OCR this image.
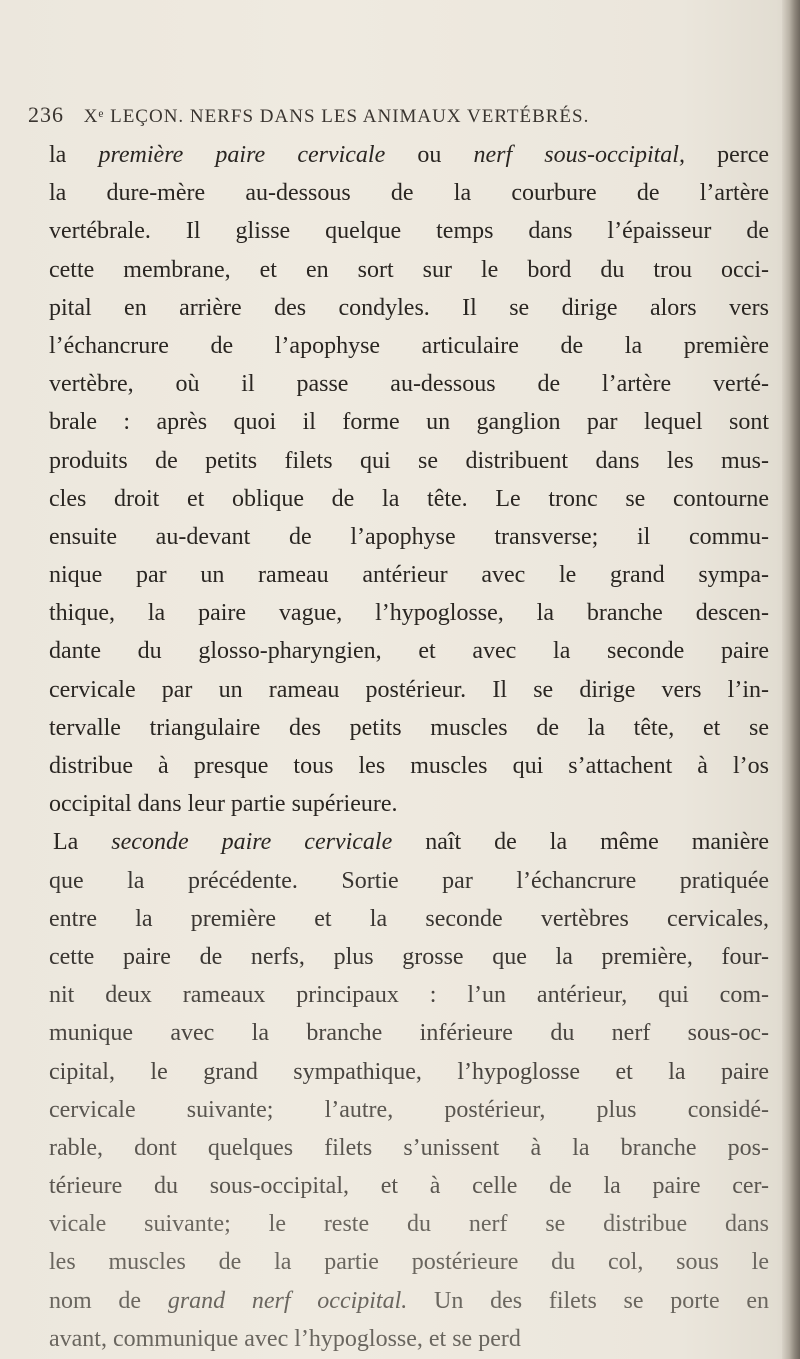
236 Xᵉ LEÇON. NERFS DANS LES ANIMAUX VERTÉBRÉS.
la première paire cervicale ou nerf sous-occipital, perce
la dure-mère au-dessous de la courbure de l’artère
vertébrale. Il glisse quelque temps dans l’épaisseur de
cette membrane, et en sort sur le bord du trou occi-
pital en arrière des condyles. Il se dirige alors vers
l’échancrure de l’apophyse articulaire de la première
vertèbre, où il passe au-dessous de l’artère verté-
brale : après quoi il forme un ganglion par lequel sont
produits de petits filets qui se distribuent dans les mus-
cles droit et oblique de la tête. Le tronc se contourne
ensuite au-devant de l’apophyse transverse; il commu-
nique par un rameau antérieur avec le grand sympa-
thique, la paire vague, l’hypoglosse, la branche descen-
dante du glosso-pharyngien, et avec la seconde paire
cervicale par un rameau postérieur. Il se dirige vers l’in-
tervalle triangulaire des petits muscles de la tête, et se
distribue à presque tous les muscles qui s’attachent à l’os
occipital dans leur partie supérieure.
La seconde paire cervicale naît de la même manière
que la précédente. Sortie par l’échancrure pratiquée
entre la première et la seconde vertèbres cervicales,
cette paire de nerfs, plus grosse que la première, four-
nit deux rameaux principaux : l’un antérieur, qui com-
munique avec la branche inférieure du nerf sous-oc-
cipital, le grand sympathique, l’hypoglosse et la paire
cervicale suivante; l’autre, postérieur, plus considé-
rable, dont quelques filets s’unissent à la branche pos-
térieure du sous-occipital, et à celle de la paire cer-
vicale suivante; le reste du nerf se distribue dans
les muscles de la partie postérieure du col, sous le
nom de grand nerf occipital. Un des filets se porte en
avant, communique avec l’hypoglosse, et se perd
